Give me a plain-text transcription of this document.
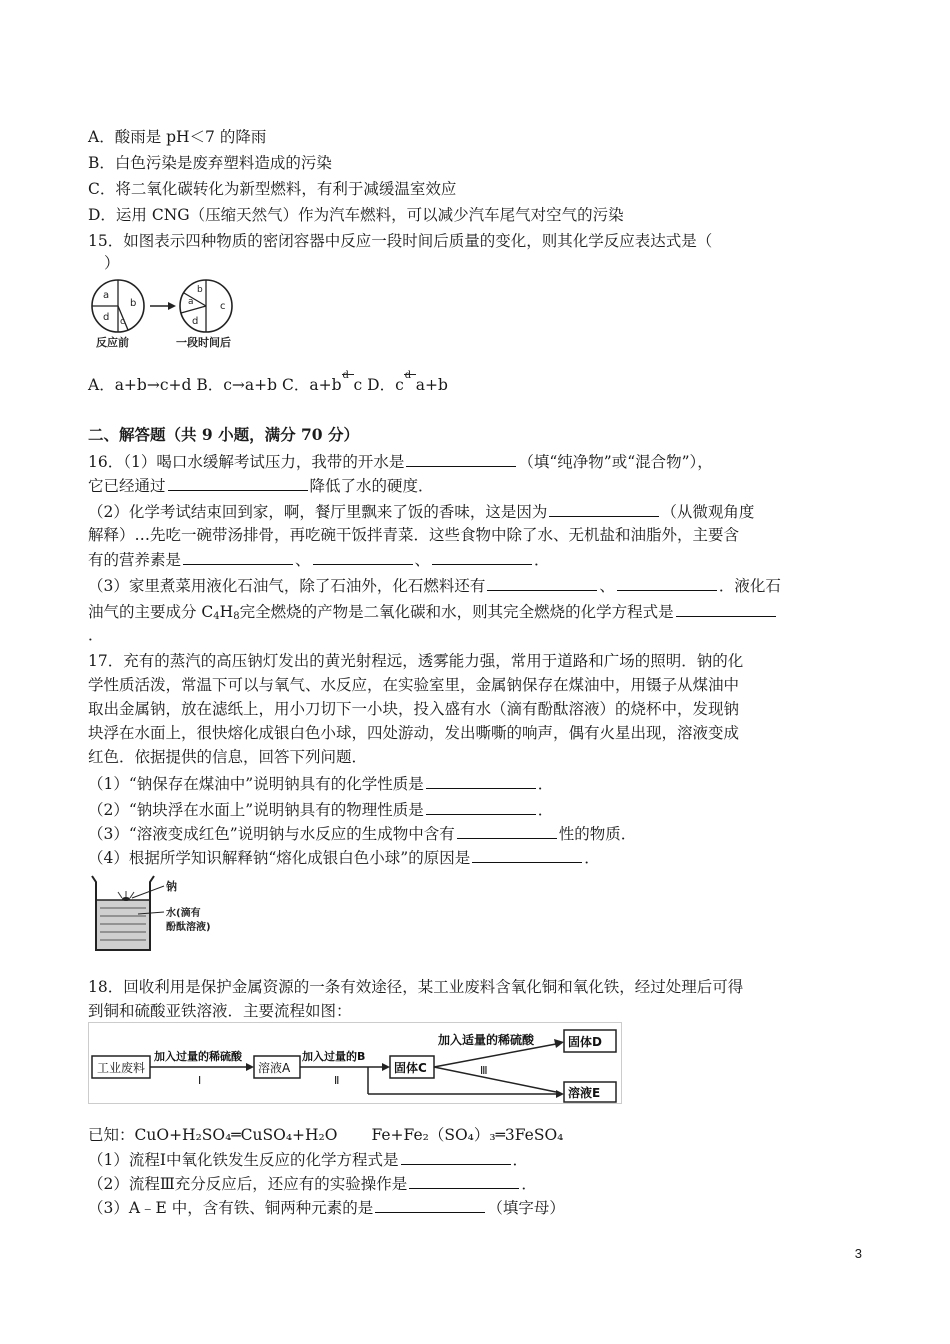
A．酸雨是 pH＜7 的降雨
B．白色污染是废弃塑料造成的污染
C．将二氧化碳转化为新型燃料，有利于减缓温室效应
D．运用 CNG（压缩天然气）作为汽车燃料，可以减少汽车尾气对空气的污染
15．如图表示四种物质的密闭容器中反应一段时间后质量的变化，则其化学反应表达式是（
）
a
b
c
d
a
b
c
d
反应前	一段时间后
A．a+b→c+d B．c→a+b C．a+b
d
c D．c
d
a+b
二、解答题（共 9 小题，满分 70 分）
16．（1）喝口水缓解考试压力，我带的开水是	（填“纯净物”或“混合物”），
它已经通过	降低了水的硬度．
（2）化学考试结束回到家，啊，餐厅里飘来了饭的香味，这是因为	（从微观角度
解释）…先吃一碗带汤排骨，再吃碗干饭拌青菜．这些食物中除了水、无机盐和油脂外，主要含
有的营养素是	、	、	．
（3）家里煮菜用液化石油气，除了石油外，化石燃料还有	、	．液化石
油气的主要成分 $C_4H_8$完全燃烧的产物是二氧化碳和水，则其完全燃烧的化学方程式是
．
17．充有的蒸汽的高压钠灯发出的黄光射程远，透雾能力强，常用于道路和广场的照明．钠的化
学性质活泼，常温下可以与氧气、水反应，在实验室里，金属钠保存在煤油中，用镊子从煤油中
取出金属钠，放在滤纸上，用小刀切下一小块，投入盛有水（滴有酚酞溶液）的烧杯中，发现钠
块浮在水面上，很快熔化成银白色小球，四处游动，发出嘶嘶的响声，偶有火星出现，溶液变成
红色．依据提供的信息，回答下列问题．
（1）“钠保存在煤油中”说明钠具有的化学性质是	．
（2）“钠块浮在水面上”说明钠具有的物理性质是	．
（3）“溶液变成红色”说明钠与水反应的生成物中含有	性的物质．
（4）根据所学知识解释钠“熔化成银白色小球”的原因是	．
钠
水(滴有
酚酞溶液)
18．回收利用是保护金属资源的一条有效途径，某工业废料含氧化铜和氧化铁，经过处理后可得
到铜和硫酸亚铁溶液．主要流程如图：
工业废料
加入过量的稀硫酸
Ⅰ
溶液A
加入过量的B
Ⅱ
固体C
加入适量的稀硫酸
Ⅲ
固体D
溶液E
已知：CuO+H₂SO₄═CuSO₄+H₂O Fe+Fe₂（SO₄）₃═3FeSO₄
（1）流程Ⅰ中氧化铁发生反应的化学方程式是	．
（2）流程Ⅲ充分反应后，还应有的实验操作是	．
（3）A﹣E 中，含有铁、铜两种元素的是	（填字母）
3
